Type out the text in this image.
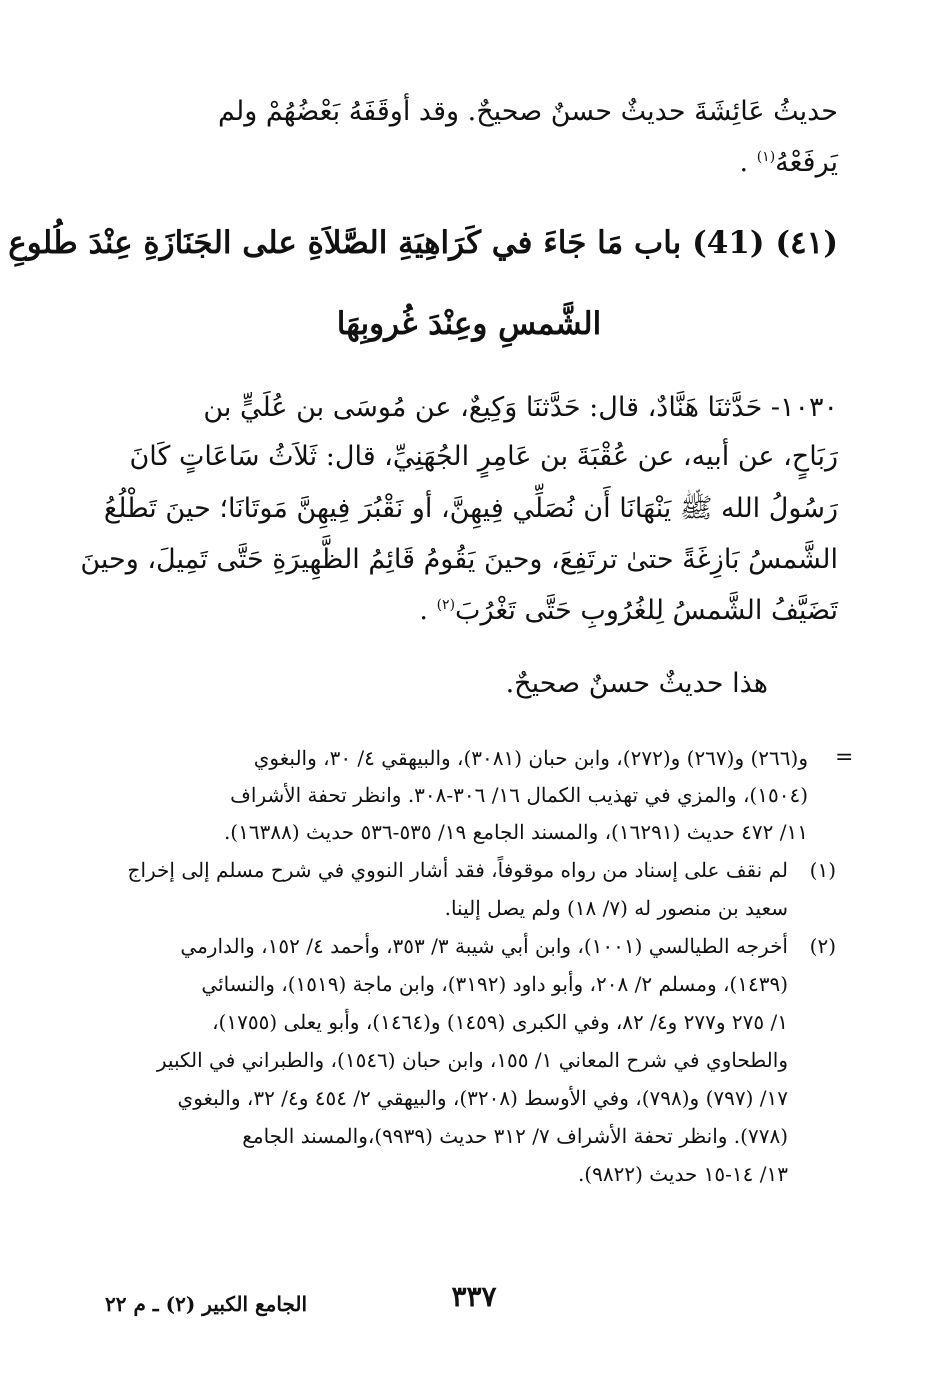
حديثُ عَائِشَةَ حديثٌ حسنٌ صحيحٌ. وقد أوقَفَهُ بَعْضُهُمْ ولم
يَرفَعْهُ$^{(١)}$ .
(٤١) (41) باب مَا جَاءَ في كَرَاهِيَةِ الصَّلاَةِ على الجَنَازَةِ عِنْدَ طُلوعِ
الشَّمسِ وعِنْدَ غُروبِهَا
١٠٣٠- حَدَّثنَا هَنَّادٌ، قال: حَدَّثنَا وَكِيعٌ، عن مُوسَى بن عُلَيٍّ بن
رَبَاحٍ، عن أبيه، عن عُقْبَةَ بن عَامِرٍ الجُهَنِيِّ، قال: ثَلاَثُ سَاعَاتٍ كَانَ
رَسُولُ الله ﷺ يَنْهَانَا أَن نُصَلِّي فِيهِنَّ، أو نَقْبُرَ فِيهِنَّ مَوتَانَا؛ حينَ تَطْلُعُ
الشَّمسُ بَازِغَةً حتىٰ ترتَفِعَ، وحينَ يَقُومُ قَائِمُ الظَّهِيرَةِ حَتَّى تَمِيلَ، وحينَ
تَضَيَّفُ الشَّمسُ لِلغُرُوبِ حَتَّى تَغْرُبَ$^{(٢)}$ .
هذا حديثٌ حسنٌ صحيحٌ.
=
و(٢٦٦) و(٢٦٧) و(٢٧٢)، وابن حبان (٣٠٨١)، والبيهقي ٤/ ٣٠، والبغوي
(١٥٠٤)، والمزي في تهذيب الكمال ١٦/ ٣٠٦-٣٠٨. وانظر تحفة الأشراف
١١/ ٤٧٢ حديث (١٦٢٩١)، والمسند الجامع ١٩/ ٥٣٥-٥٣٦ حديث (١٦٣٨٨).
(١)
لم نقف على إسناد من رواه موقوفاً، فقد أشار النووي في شرح مسلم إلى إخراج
سعيد بن منصور له (٧/ ١٨) ولم يصل إلينا.
(٢)
أخرجه الطيالسي (١٠٠١)، وابن أبي شيبة ٣/ ٣٥٣، وأحمد ٤/ ١٥٢، والدارمي
(١٤٣٩)، ومسلم ٢/ ٢٠٨، وأبو داود (٣١٩٢)، وابن ماجة (١٥١٩)، والنسائي
١/ ٢٧٥ و٢٧٧ و٤/ ٨٢، وفي الكبرى (١٤٥٩) و(١٤٦٤)، وأبو يعلى (١٧٥٥)،
والطحاوي في شرح المعاني ١/ ١٥٥، وابن حبان (١٥٤٦)، والطبراني في الكبير
١٧/ (٧٩٧) و(٧٩٨)، وفي الأوسط (٣٢٠٨)، والبيهقي ٢/ ٤٥٤ و٤/ ٣٢، والبغوي
(٧٧٨). وانظر تحفة الأشراف ٧/ ٣١٢ حديث (٩٩٣٩)،والمسند الجامع
١٣/ ١٤-١٥ حديث (٩٨٢٢).
٣٣٧
الجامع الكبير (٢) ـ م ٢٢
